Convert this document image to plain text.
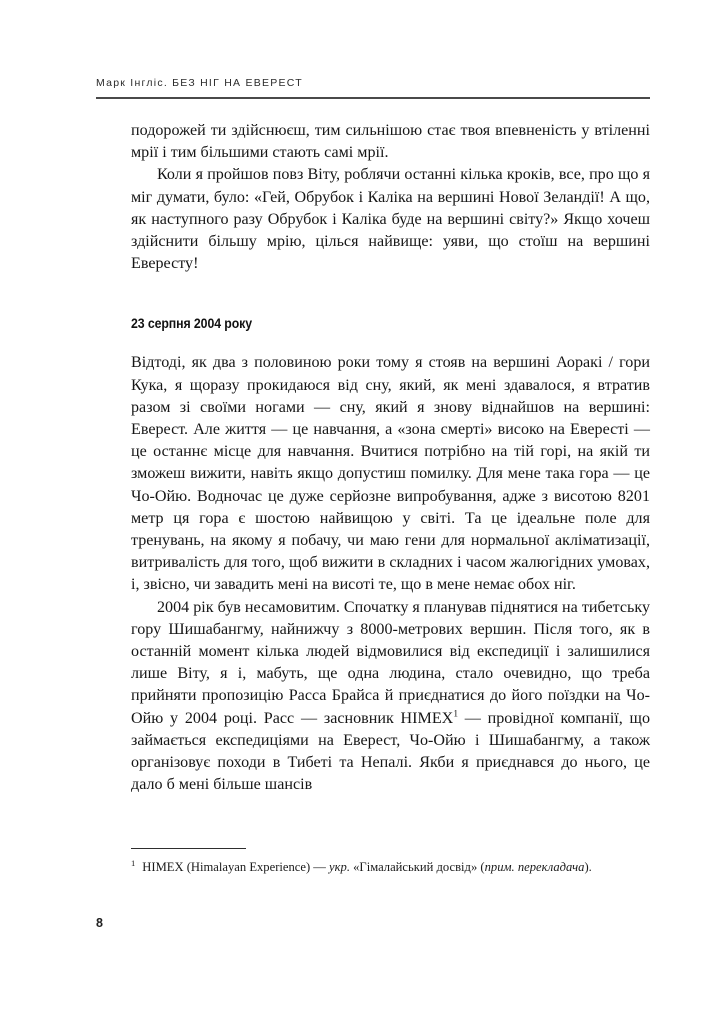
Марк Інгліс. БЕЗ НІГ НА ЕВЕРЕСТ

подорожей ти здійснюєш, тим сильнішою стає твоя впевненість у втіленні мрії і тим більшими стають самі мрії.

Коли я пройшов повз Віту, роблячи останні кілька кроків, все, про що я міг думати, було: «Гей, Обрубок і Каліка на вершині Нової Зеландії! А що, як наступного разу Обрубок і Каліка буде на вершині світу?» Якщо хочеш здійснити більшу мрію, цілься найвище: уяви, що стоїш на вершині Евересту!

23 серпня 2004 року

Відтоді, як два з половиною роки тому я стояв на вершині Аоракі / гори Кука, я щоразу прокидаюся від сну, який, як мені здавалося, я втратив разом зі своїми ногами — сну, який я знову віднайшов на вершині: Еверест. Але життя — це навчання, а «зона смерті» високо на Евересті — це останнє місце для навчання. Вчитися потрібно на тій горі, на якій ти зможеш вижити, навіть якщо допустиш помилку. Для мене така гора — це Чо-Ойю. Водночас це дуже серйозне випробування, адже з висотою 8201 метр ця гора є шостою найвищою у світі. Та це ідеальне поле для тренувань, на якому я побачу, чи маю гени для нормальної акліматизації, витривалість для того, щоб вижити в складних і часом жалюгідних умовах, і, звісно, чи завадить мені на висоті те, що в мене немає обох ніг.

2004 рік був несамовитим. Спочатку я планував піднятися на тибетську гору Шишабангму, найнижчу з 8000-метрових вершин. Після того, як в останній момент кілька людей відмовилися від експедиції і залишилися лише Віту, я і, мабуть, ще одна людина, стало очевидно, що треба прийняти пропозицію Расса Брайса й приєднатися до його поїздки на Чо-Ойю у 2004 році. Расс — засновник HIMEX$^1$ — провідної компанії, що займається експедиціями на Еверест, Чо-Ойю і Шишабангму, а також організовує походи в Тибеті та Непалі. Якби я приєднався до нього, це дало б мені більше шансів

$^1$ HIMEX (Himalayan Experience) — укр. «Гімалайський досвід» (прим. перекладача).

8
